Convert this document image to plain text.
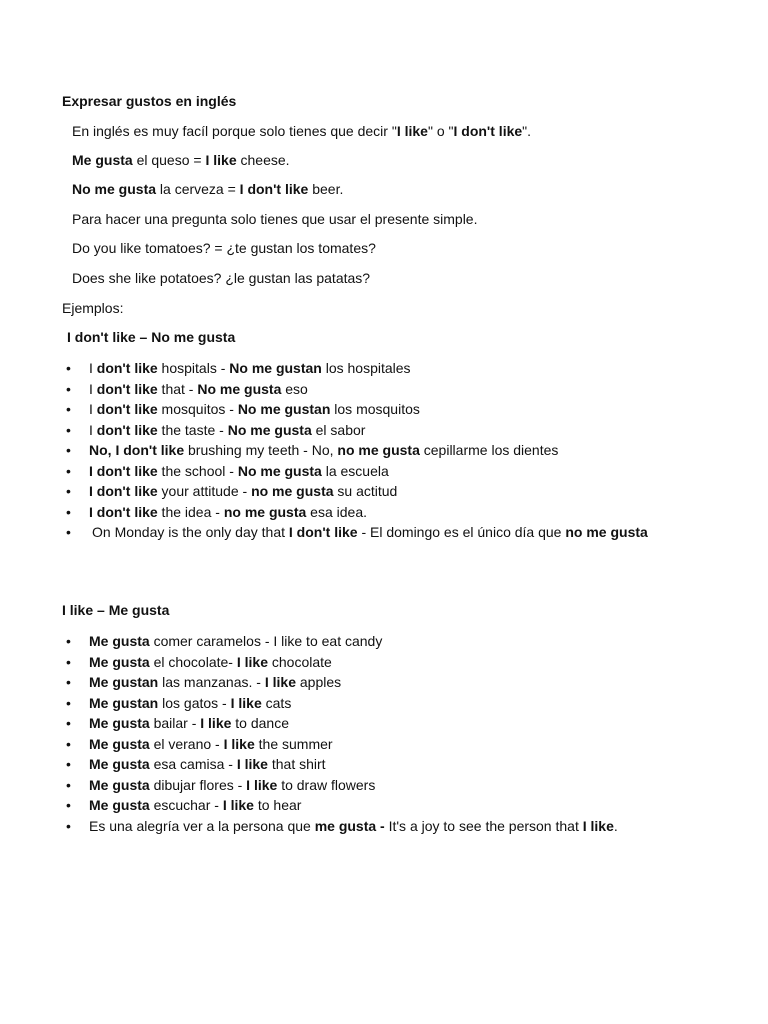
Expresar gustos en inglés
En inglés es muy facíl porque solo tienes que decir "I like" o "I don't like".
Me gusta el queso = I like cheese.
No me gusta la cerveza = I don't like beer.
Para hacer una pregunta solo tienes que usar el presente simple.
Do you like tomatoes? = ¿te gustan los tomates?
Does she like potatoes? ¿le gustan las patatas?
Ejemplos:
I don't like – No me gusta
• I don't like hospitals - No me gustan los hospitales
• I don't like that - No me gusta eso
• I don't like mosquitos - No me gustan los mosquitos
• I don't like the taste - No me gusta el sabor
• No, I don't like brushing my teeth - No, no me gusta cepillarme los dientes
• I don't like the school - No me gusta la escuela
• I don't like your attitude - no me gusta su actitud
• I don't like the idea - no me gusta esa idea.
• On Monday is the only day that I don't like - El domingo es el único día que no me gusta
I like – Me gusta
• Me gusta comer caramelos - I like to eat candy
• Me gusta el chocolate- I like chocolate
• Me gustan las manzanas. - I like apples
• Me gustan los gatos - I like cats
• Me gusta bailar - I like to dance
• Me gusta el verano - I like the summer
• Me gusta esa camisa - I like that shirt
• Me gusta dibujar flores - I like to draw flowers
• Me gusta escuchar - I like to hear
• Es una alegría ver a la persona que me gusta - It's a joy to see the person that I like.
